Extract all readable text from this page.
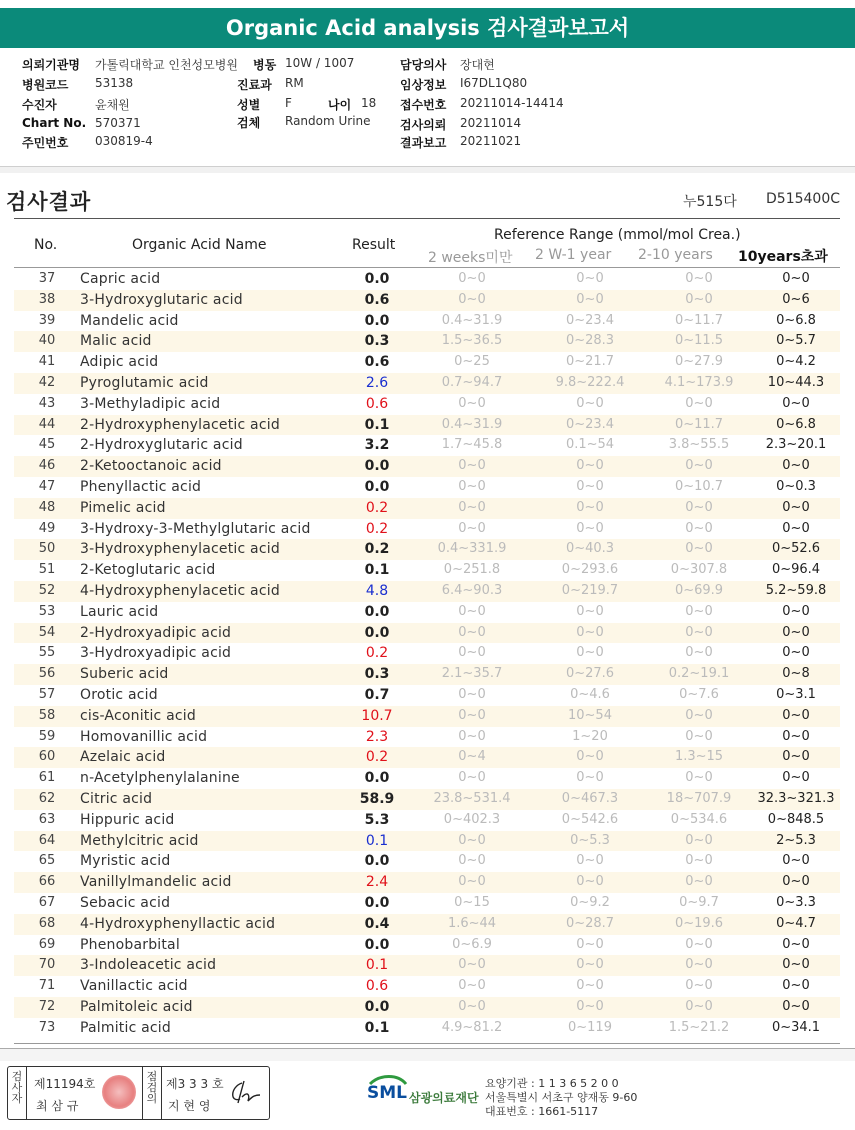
Organic Acid analysis 검사결과보고서
의뢰기관명 가톨릭대학교 인천성모병원 병동 10W / 1007	담당의사 장대현
병원코드 53138	진료과 RM	임상정보 I67DL1Q80
수진자	윤채원	성별 F	나이 18 접수번호 20211014-14414
Chart No. 570371	검체 Random Urine 검사의뢰 20211014
주민번호 030819-4	결과보고 20211021
검사결과	누515다 D515400C
No.	Organic Acid Name	Result
Reference Range (mmol/mol Crea.)
2 weeks미만 2 W-1 year 2-10 years 10years초과
37	Capric acid	0.0	0~0	0~0	0~0	0~0
38	3-Hydroxyglutaric acid	0.6	0~0	0~0	0~0	0~6
39	Mandelic acid	0.0	0.4~31.9	0~23.4	0~11.7	0~6.8
40	Malic acid	0.3	1.5~36.5	0~28.3	0~11.5	0~5.7
41	Adipic acid	0.6	0~25	0~21.7	0~27.9	0~4.2
42	Pyroglutamic acid	2.6	0.7~94.7	9.8~222.4	4.1~173.9	10~44.3
43	3-Methyladipic acid	0.6	0~0	0~0	0~0	0~0
44	2-Hydroxyphenylacetic acid	0.1	0.4~31.9	0~23.4	0~11.7	0~6.8
45	2-Hydroxyglutaric acid	3.2	1.7~45.8	0.1~54	3.8~55.5	2.3~20.1
46	2-Ketooctanoic acid	0.0	0~0	0~0	0~0	0~0
47	Phenyllactic acid	0.0	0~0	0~0	0~10.7	0~0.3
48	Pimelic acid	0.2	0~0	0~0	0~0	0~0
49	3-Hydroxy-3-Methylglutaric acid	0.2	0~0	0~0	0~0	0~0
50	3-Hydroxyphenylacetic acid	0.2	0.4~331.9	0~40.3	0~0	0~52.6
51	2-Ketoglutaric acid	0.1	0~251.8	0~293.6	0~307.8	0~96.4
52	4-Hydroxyphenylacetic acid	4.8	6.4~90.3	0~219.7	0~69.9	5.2~59.8
53	Lauric acid	0.0	0~0	0~0	0~0	0~0
54	2-Hydroxyadipic acid	0.0	0~0	0~0	0~0	0~0
55	3-Hydroxyadipic acid	0.2	0~0	0~0	0~0	0~0
56	Suberic acid	0.3	2.1~35.7	0~27.6	0.2~19.1	0~8
57	Orotic acid	0.7	0~0	0~4.6	0~7.6	0~3.1
58	cis-Aconitic acid	10.7	0~0	10~54	0~0	0~0
59	Homovanillic acid	2.3	0~0	1~20	0~0	0~0
60	Azelaic acid	0.2	0~4	0~0	1.3~15	0~0
61	n-Acetylphenylalanine	0.0	0~0	0~0	0~0	0~0
62	Citric acid	58.9	23.8~531.4	0~467.3	18~707.9	32.3~321.3
63	Hippuric acid	5.3	0~402.3	0~542.6	0~534.6	0~848.5
64	Methylcitric acid	0.1	0~0	0~5.3	0~0	2~5.3
65	Myristic acid	0.0	0~0	0~0	0~0	0~0
66	Vanillylmandelic acid	2.4	0~0	0~0	0~0	0~0
67	Sebacic acid	0.0	0~15	0~9.2	0~9.7	0~3.3
68	4-Hydroxyphenyllactic acid	0.4	1.6~44	0~28.7	0~19.6	0~4.7
69	Phenobarbital	0.0	0~6.9	0~0	0~0	0~0
70	3-Indoleacetic acid	0.1	0~0	0~0	0~0	0~0
71	Vanillactic acid	0.6	0~0	0~0	0~0	0~0
72	Palmitoleic acid	0.0	0~0	0~0	0~0	0~0
73	Palmitic acid	0.1	4.9~81.2	0~119	1.5~21.2	0~34.1
검사자
제11194호
최 삼 규
점검의
제3 3 3 호
지 현 영
SML 삼광의료재단
요양기관 : 1 1 3 6 5 2 0 0
서울특별시 서초구 양재동 9-60
대표번호 : 1661-5117
